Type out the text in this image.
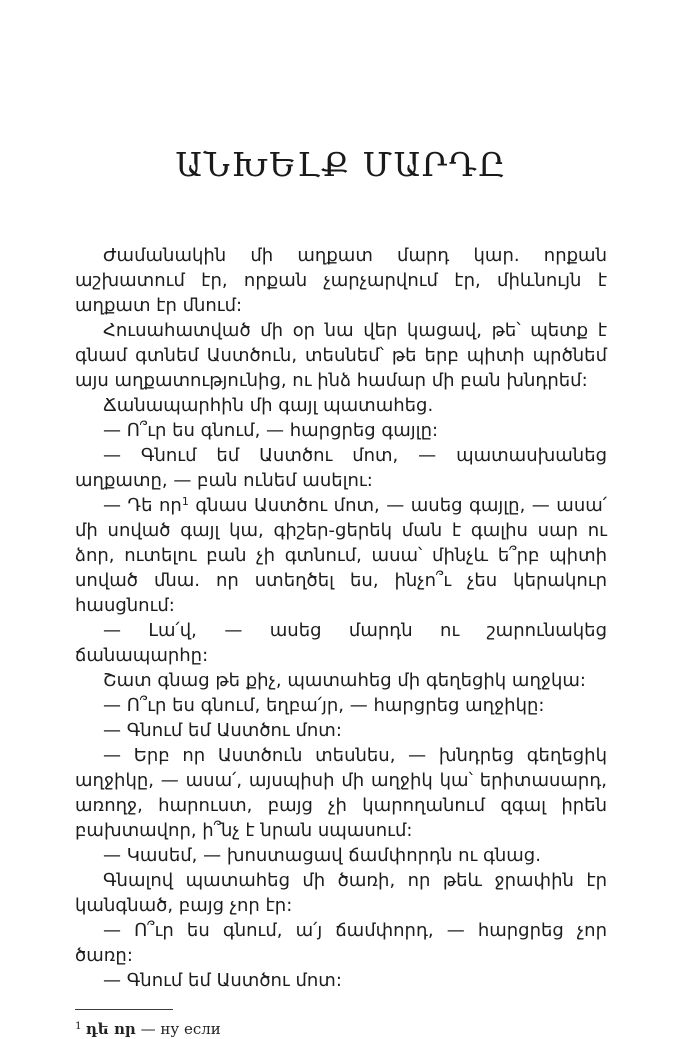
ԱՆԽԵԼՔ ՄԱՐԴԸ

Ժամանակին մի աղքատ մարդ կար. որքան աշխատում էր, որքան չարչարվում էր, միևնույն է աղքատ էր մնում:

Հուսահատված մի օր նա վեր կացավ, թե՝ պետք է գնամ գտնեմ Աստծուն, տեսնեմ՝ թե երբ պիտի պրծնեմ այս աղքատությունից, ու ինձ համար մի բան խնդրեմ:

Ճանապարհին մի գայլ պատահեց.

— Ո՞ւր ես գնում, — հարցրեց գայլը:

— Գնում եմ Աստծու մոտ, — պատասխանեց աղքատը, — բան ունեմ ասելու:

— Դե որ$^1$ գնաս Աստծու մոտ, — ասեց գայլը, — ասա՛ մի սոված գայլ կա, գիշեր-ցերեկ ման է գալիս սար ու ձոր, ուտելու բան չի գտնում, ասա՝ մինչև ե՞րբ պիտի սոված մնա. որ ստեղծել ես, ինչո՞ւ չես կերակուր հասցնում:

— Լա՛վ, — ասեց մարդն ու շարունակեց ճանապարհը:

Շատ գնաց թե քիչ, պատահեց մի գեղեցիկ աղջկա:

— Ո՞ւր ես գնում, եղբա՛յր, — հարցրեց աղջիկը:

— Գնում եմ Աստծու մոտ:

— Երբ որ Աստծուն տեսնես, — խնդրեց գեղեցիկ աղջիկը, — ասա՛, այսպիսի մի աղջիկ կա՝ երիտասարդ, առողջ, հարուստ, բայց չի կարողանում զգալ իրեն բախտավոր, ի՞նչ է նրան սպասում:

— Կասեմ, — խոստացավ ճամփորդն ու գնաց.

Գնալով պատահեց մի ծառի, որ թեև ջրափին էր կանգնած, բայց չոր էր:

— Ո՞ւր ես գնում, ա՛յ ճամփորդ, — հարցրեց չոր ծառը:

— Գնում եմ Աստծու մոտ:

$^1$ դե որ — ну если
